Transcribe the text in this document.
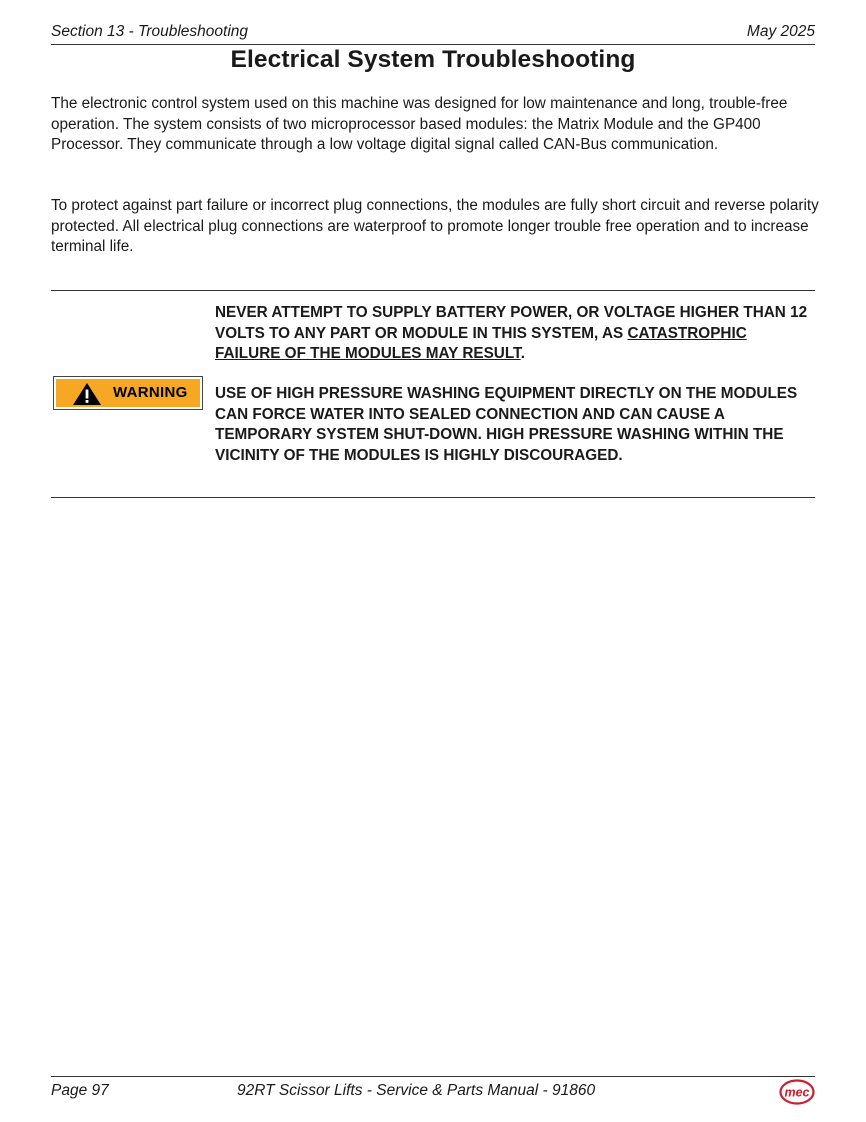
Section 13 - Troubleshooting	May 2025
Electrical System Troubleshooting

The electronic control system used on this machine was designed for low maintenance and long, trouble-free operation. The system consists of two microprocessor based modules: the Matrix Module and the GP400 Processor. They communicate through a low voltage digital signal called CAN-Bus communication.

To protect against part failure or incorrect plug connections, the modules are fully short circuit and reverse polarity protected. All electrical plug connections are waterproof to promote longer trouble free operation and to increase terminal life.

WARNING

NEVER ATTEMPT TO SUPPLY BATTERY POWER, OR VOLTAGE HIGHER THAN 12 VOLTS TO ANY PART OR MODULE IN THIS SYSTEM, AS CATASTROPHIC FAILURE OF THE MODULES MAY RESULT.

USE OF HIGH PRESSURE WASHING EQUIPMENT DIRECTLY ON THE MODULES CAN FORCE WATER INTO SEALED CONNECTION AND CAN CAUSE A TEMPORARY SYSTEM SHUT-DOWN. HIGH PRESSURE WASHING WITHIN THE VICINITY OF THE MODULES IS HIGHLY DISCOURAGED.

Page 97	92RT Scissor Lifts - Service & Parts Manual - 91860	mec
